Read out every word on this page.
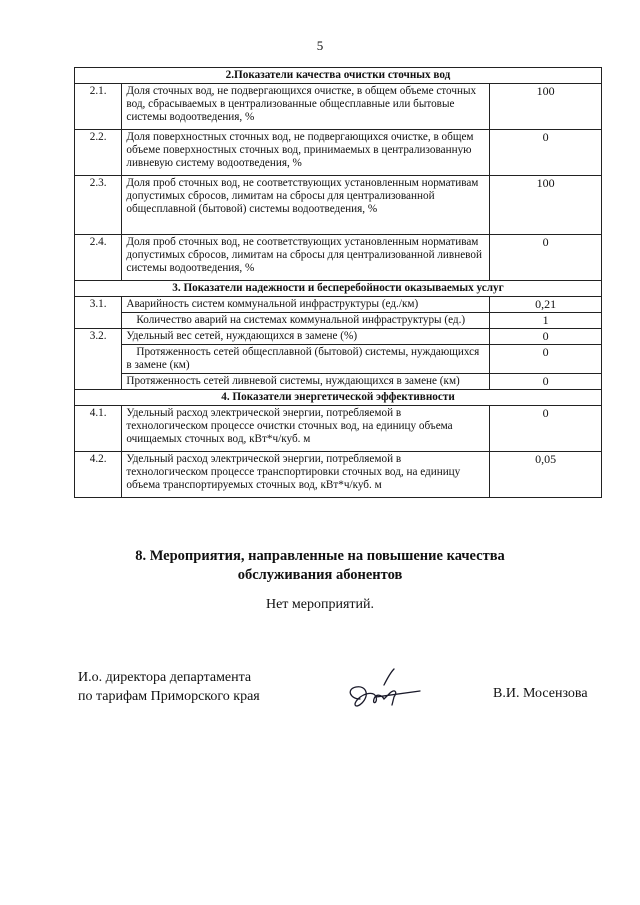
5
2.Показатели качества очистки сточных вод		
2.1.	Доля сточных вод, не подвергающихся очистке, в общем объеме сточных вод, сбрасываемых в централизованные общесплавные или бытовые системы водоотведения, %	100
2.2.	Доля поверхностных сточных вод, не подвергающихся очистке, в общем объеме поверхностных сточных вод, принимаемых в централизованную ливневую систему водоотведения, %	0
2.3.	Доля проб сточных вод, не соответствующих установленным нормативам допустимых сбросов, лимитам на сбросы для централизованной общесплавной (бытовой) системы водоотведения, %	100
2.4.	Доля проб сточных вод, не соответствующих установленным нормативам допустимых сбросов, лимитам на сбросы для централизованной ливневой системы водоотведения, %	0
3. Показатели надежности и бесперебойности оказываемых услуг		
3.1.	Аварийность систем коммунальной инфраструктуры (ед./км)	0,21
	Количество аварий на системах коммунальной инфраструктуры (ед.)	1
3.2.	Удельный вес сетей, нуждающихся в замене (%)	0
	Протяженность сетей общесплавной (бытовой) системы, нуждающихся в замене (км)	0
	Протяженность сетей ливневой системы, нуждающихся в замене (км)	0
4. Показатели энергетической эффективности		
4.1.	Удельный расход электрической энергии, потребляемой в технологическом процессе очистки сточных вод, на единицу объема очищаемых сточных вод, кВт*ч/куб. м	0
4.2.	Удельный расход электрической энергии, потребляемой в технологическом процессе транспортировки сточных вод, на единицу объема транспортируемых сточных вод, кВт*ч/куб. м	0,05
8. Мероприятия, направленные на повышение качества
обслуживания абонентов
Нет мероприятий.
И.о. директора департамента
по тарифам Приморского края	В.И. Мосензова
